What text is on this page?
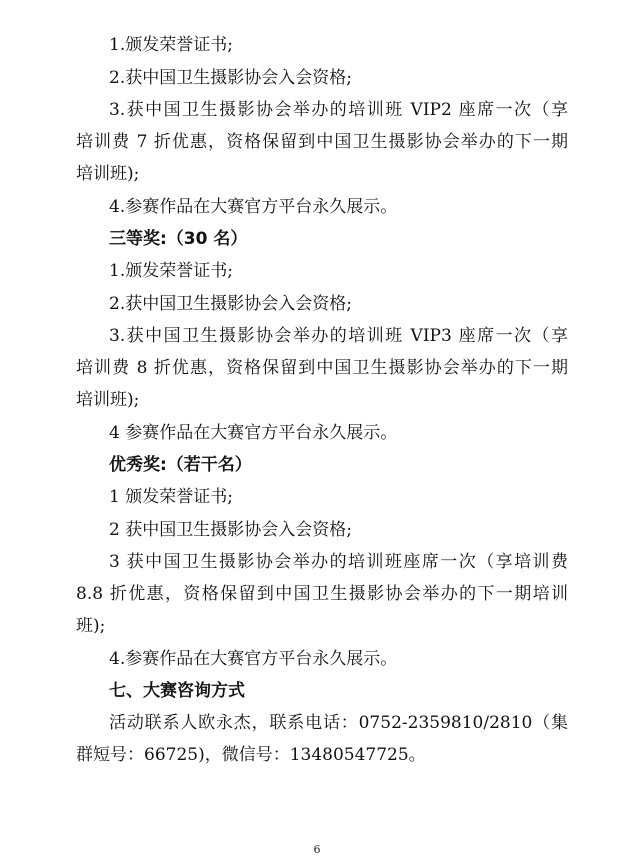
1.颁发荣誉证书;
2.获中国卫生摄影协会入会资格;
3.获中国卫生摄影协会举办的培训班 VIP2 座席一次（享
培训费 7 折优惠，资格保留到中国卫生摄影协会举办的下一期
培训班);
4.参赛作品在大赛官方平台永久展示。
三等奖:（30 名）
1.颁发荣誉证书;
2.获中国卫生摄影协会入会资格;
3.获中国卫生摄影协会举办的培训班 VIP3 座席一次（享
培训费 8 折优惠，资格保留到中国卫生摄影协会举办的下一期
培训班);
4 参赛作品在大赛官方平台永久展示。
优秀奖:（若干名）
1 颁发荣誉证书;
2 获中国卫生摄影协会入会资格;
3 获中国卫生摄影协会举办的培训班座席一次（享培训费
8.8 折优惠，资格保留到中国卫生摄影协会举办的下一期培训
班);
4.参赛作品在大赛官方平台永久展示。
七、大赛咨询方式
活动联系人欧永杰，联系电话：0752-2359810/2810（集
群短号：66725)，微信号：13480547725。
6
